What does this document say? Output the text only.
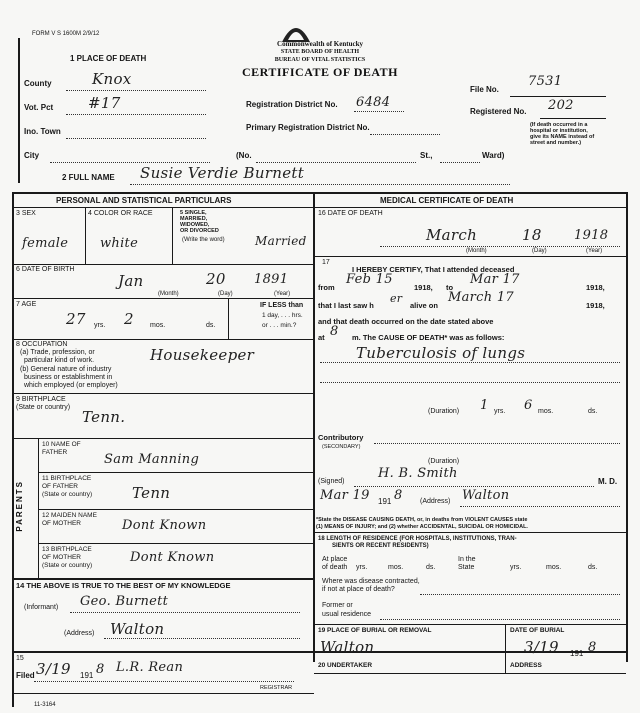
FORM V S 1600M 2/9/12
Commonwealth of Kentucky
STATE BOARD OF HEALTH
BUREAU OF VITAL STATISTICS
CERTIFICATE OF DEATH
1 PLACE OF DEATH
County	Knox
Vot. Pct #17
Ino. Town
City
Registration District No. 6484
Primary Registration District No.
(No.	St.,	Ward)
File No.
7531
Registered No. 202
(If death occurred in a
hospital or institution,
give its NAME instead of
street and number.)
2 FULL NAME Susie Verdie Burnett
PERSONAL AND STATISTICAL PARTICULARS	MEDICAL CERTIFICATE OF DEATH
3 SEX	4 COLOR OR RACE	5 SINGLE,
MARRIED,
WIDOWED,
OR DIVORCED
(Write the word)
female white	Married
6 DATE OF BIRTH
Jan	20 1891
(Month)	(Day)	(Year)
7 AGE
27 yrs. 2 mos.	ds.
IF LESS than
1 day, . . . hrs.
or . . . min.?
8 OCCUPATION
(a) Trade, profession, or
particular kind of work.
(b) General nature of industry
business or establishment in
which employed (or employer)
Housekeeper
9 BIRTHPLACE
(State or country)
Tenn.
PARENTS
10 NAME OF
FATHER	Sam Manning
11 BIRTHPLACE
OF FATHER
(State or country)	Tenn
12 MAIDEN NAME
OF MOTHER	Dont Known
13 BIRTHPLACE
OF MOTHER
(State or country)
Dont Known
14 THE ABOVE IS TRUE TO THE BEST OF MY KNOWLEDGE
(Informant) Geo. Burnett
(Address) Walton
15
Filed 3/19 191 8 L.R. Rean
REGISTRAR
11-3164
16 DATE OF DEATH
March	18 1918
(Month)	(Day)	(Year)
17
I HEREBY CERTIFY, That I attended deceased
from
Feb 15
1918, to
Mar 17
1918,
that I last saw h
er
alive on
March 17
1918,
and that death occurred on the date stated above
at 8 m. The CAUSE OF DEATH* was as follows:
Tuberculosis of lungs
(Duration) 1 yrs. 6 mos.	ds.
Contributory
(SECONDARY)
(Duration)
(Signed)
H. B. Smith
M. D.
Mar 19 191 8 (Address) Walton
*State the DISEASE CAUSING DEATH, or, in deaths from VIOLENT CAUSES state
(1) MEANS OF INJURY; and (2) whether ACCIDENTAL, SUICIDAL OR HOMICIDAL.
18 LENGTH OF RESIDENCE (FOR HOSPITALS, INSTITUTIONS, TRAN-
SIENTS OR RECENT RESIDENTS)
At place
of death yrs.	mos.	ds.
In the
State	yrs.	mos.	ds.
Where was disease contracted,
if not at place of death?
Former or
usual residence
19 PLACE OF BURIAL OR REMOVAL	DATE OF BURIAL
Walton	3/19 191 8
20 UNDERTAKER	ADDRESS
